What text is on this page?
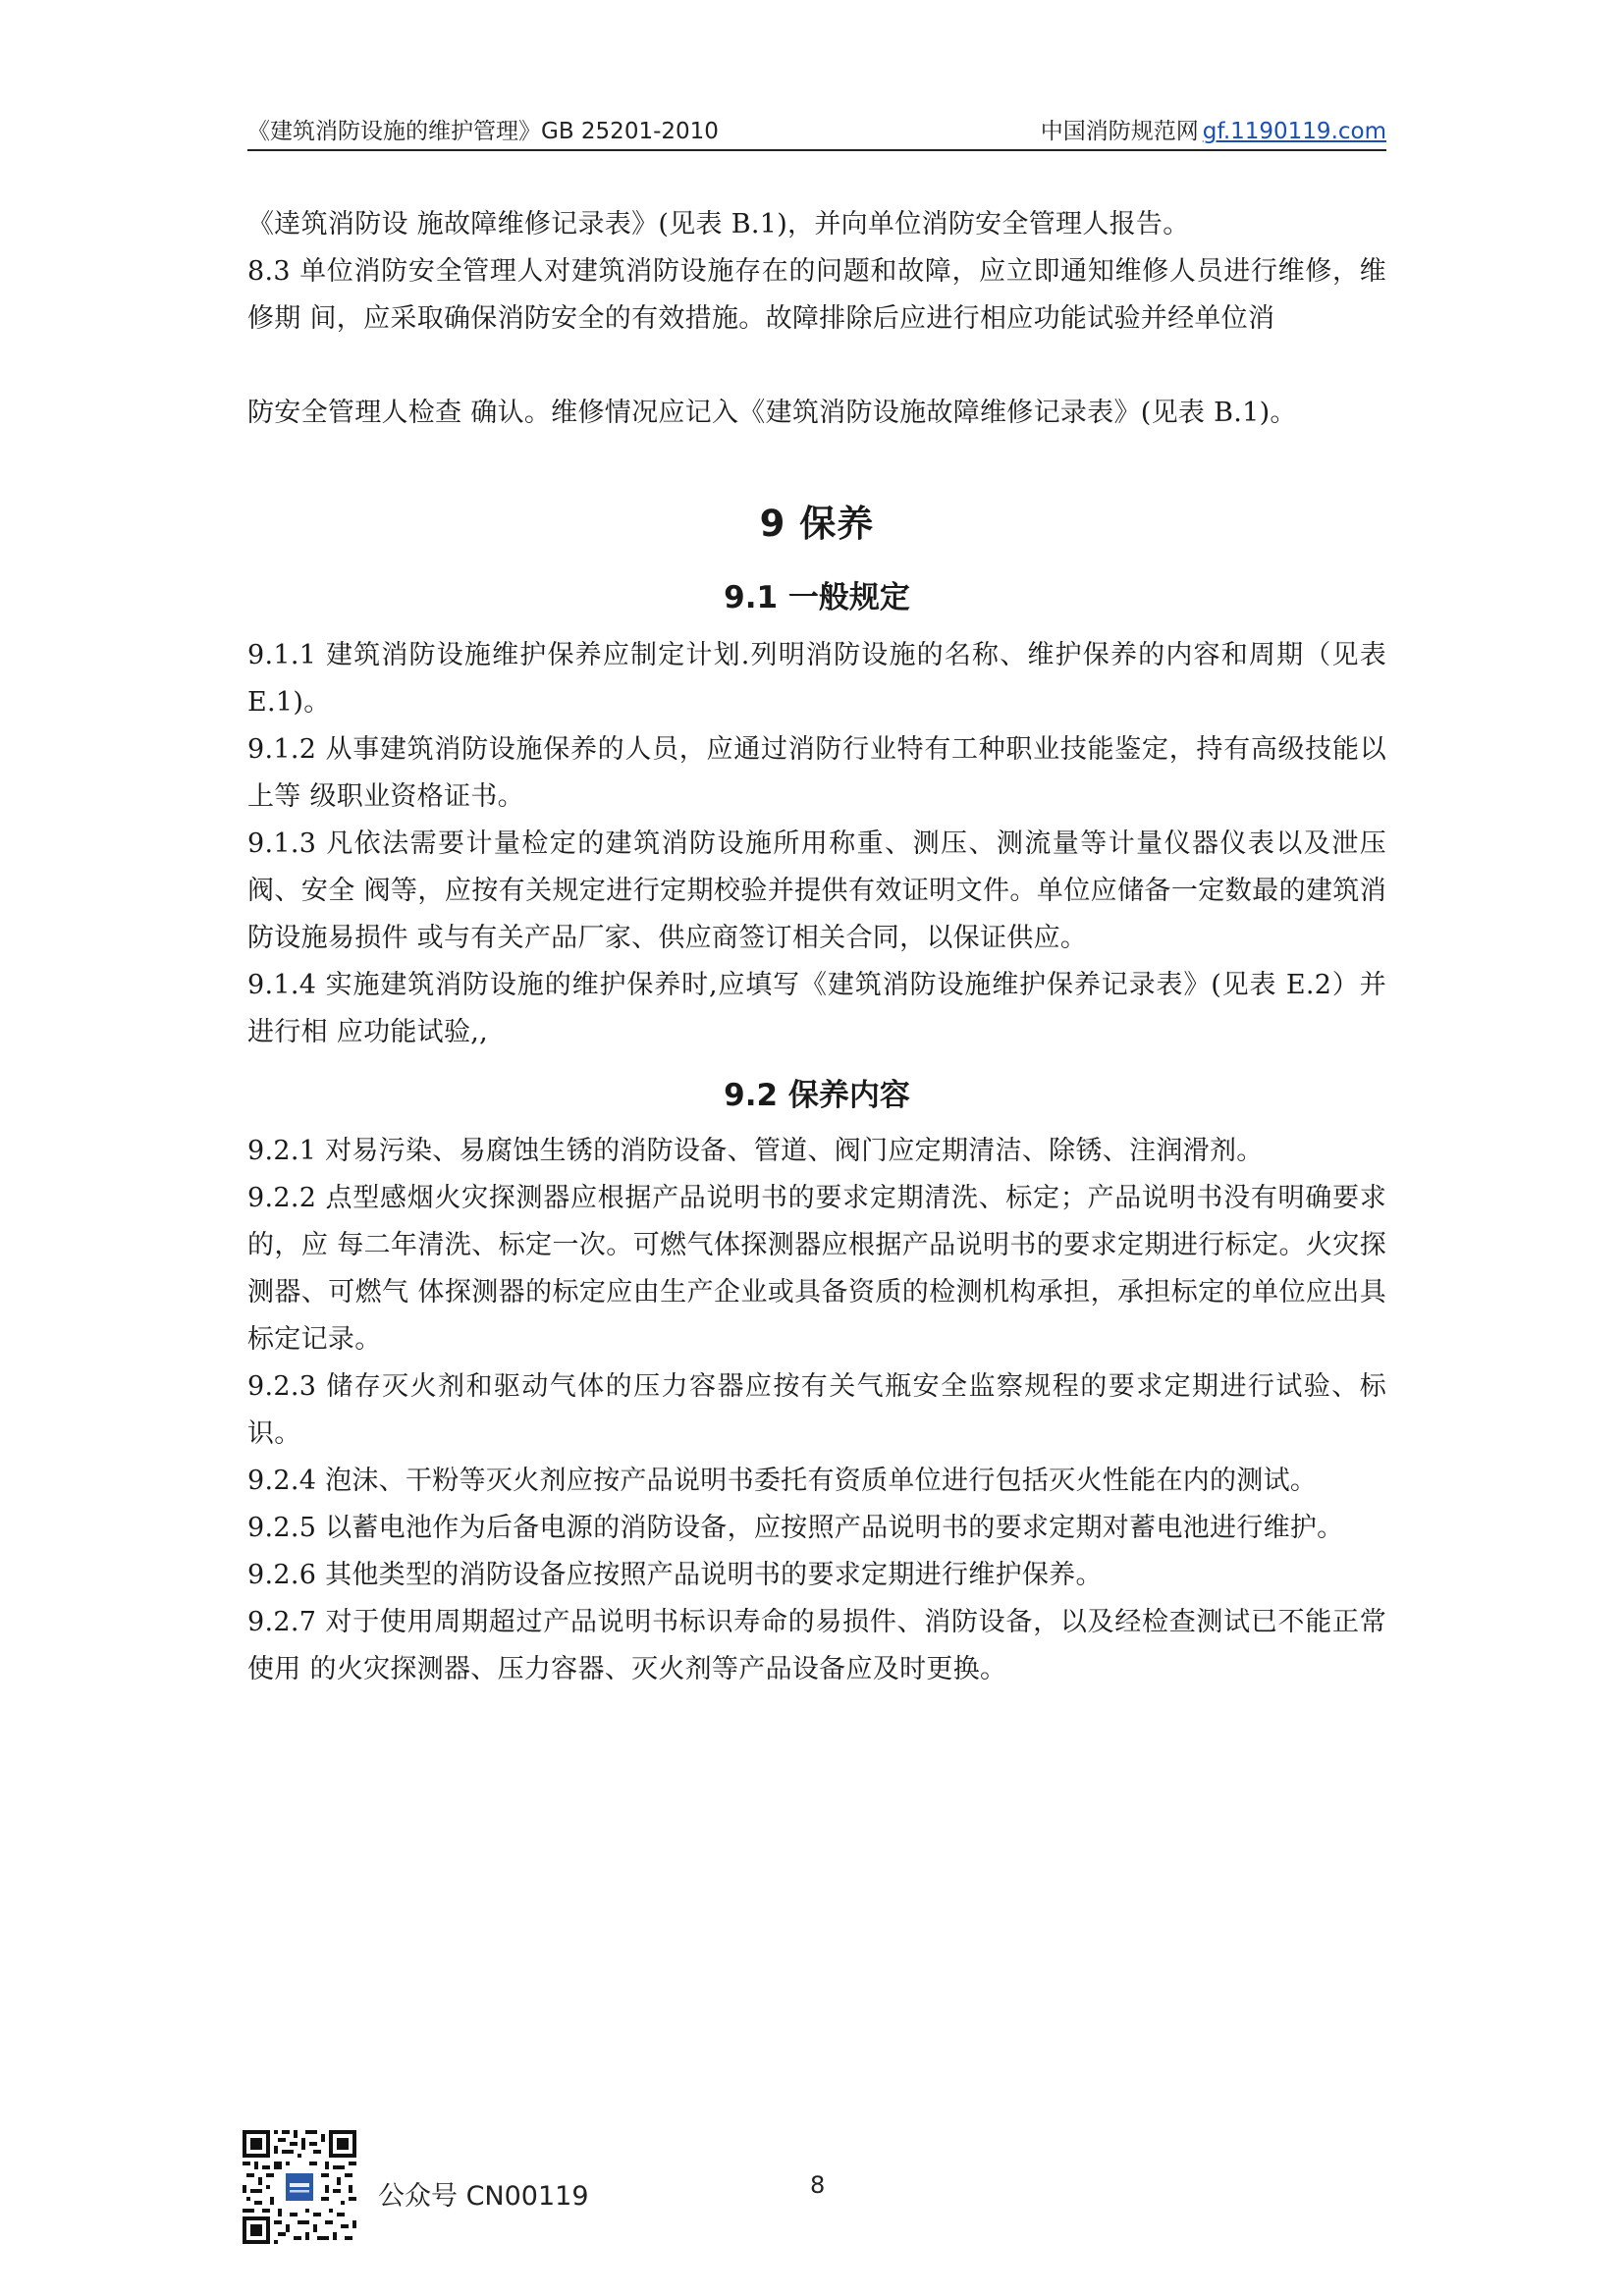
《建筑消防设施的维护管理》GB 25201-2010	中国消防规范网 gf.1190119.com

《逹筑消防设 施故障维修记录表》(见表 B.1)，并向单位消防安全管理人报告。

8.3 单位消防安全管理人对建筑消防设施存在的问题和故障，应立即通知维修人员进行维修，维修期 间，应采取确保消防安全的有效措施。故障排除后应进行相应功能试验并经单位消

防安全管理人检查 确认。维修情况应记入《建筑消防设施故障维修记录表》(见表 B.1)。

9 保养
9.1 一般规定

9.1.1 建筑消防设施维护保养应制定计划.列明消防设施的名称、维护保养的内容和周期（见表 E.1)。

9.1.2 从事建筑消防设施保养的人员，应通过消防行业特有工种职业技能鉴定，持有高级技能以上等 级职业资格证书。

9.1.3 凡依法需要计量检定的建筑消防设施所用称重、测压、测流量等计量仪器仪表以及泄压阀、安全 阀等，应按有关规定进行定期校验并提供有效证明文件。单位应储备一定数最的建筑消防设施易损件 或与有关产品厂家、供应商签订相关合同，以保证供应。

9.1.4 实施建筑消防设施的维护保养时,应填写《建筑消防设施维护保养记录表》(见表 E.2）并进行相 应功能试验,,

9.2 保养内容

9.2.1 对易污染、易腐蚀生锈的消防设备、管道、阀门应定期清洁、除锈、注润滑剂。

9.2.2 点型感烟火灾探测器应根据产品说明书的要求定期清洗、标定；产品说明书没有明确要求的，应 每二年清洗、标定一次。可燃气体探测器应根据产品说明书的要求定期进行标定。火灾探测器、可燃气 体探测器的标定应由生产企业或具备资质的检测机构承担，承担标定的单位应出具标定记录。

9.2.3 储存灭火剂和驱动气体的压力容器应按有关气瓶安全监察规程的要求定期进行试验、标识。

9.2.4 泡沫、干粉等灭火剂应按产品说明书委托有资质单位进行包括灭火性能在内的测试。

9.2.5 以蓄电池作为后备电源的消防设备，应按照产品说明书的要求定期对蓄电池进行维护。

9.2.6 其他类型的消防设备应按照产品说明书的要求定期进行维护保养。

9.2.7 对于使用周期超过产品说明书标识寿命的易损件、消防设备，以及经检查测试已不能正常使用 的火灾探测器、压力容器、灭火剂等产品设备应及时更换。

公众号 CN00119	8
